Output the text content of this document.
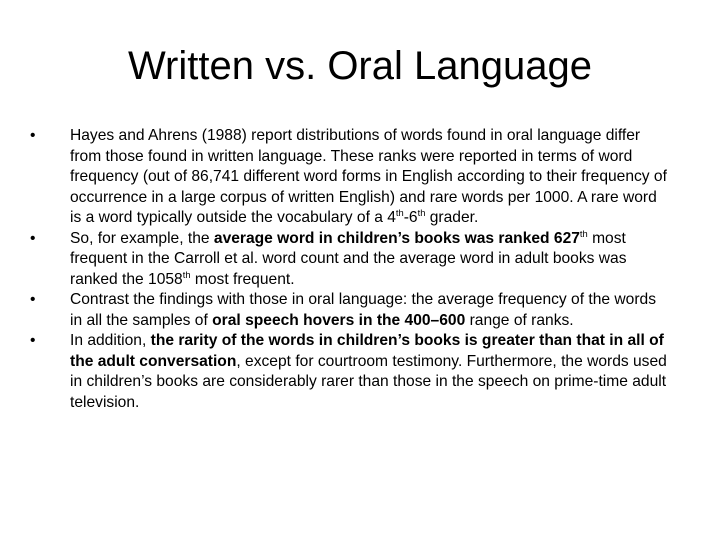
Written vs. Oral Language
• Hayes and Ahrens (1988) report distributions of words found in oral language differ from those found in written language. These ranks were reported in terms of word frequency (out of 86,741 different word forms in English according to their frequency of occurrence in a large corpus of written English) and rare words per 1000. A rare word is a word typically outside the vocabulary of a 4th-6th grader.
• So, for example, the average word in children’s books was ranked 627th most frequent in the Carroll et al. word count and the average word in adult books was ranked the 1058th most frequent.
• Contrast the findings with those in oral language: the average frequency of the words in all the samples of oral speech hovers in the 400–600 range of ranks.
• In addition, the rarity of the words in children’s books is greater than that in all of the adult conversation, except for courtroom testimony. Furthermore, the words used in children’s books are considerably rarer than those in the speech on prime-time adult television.
